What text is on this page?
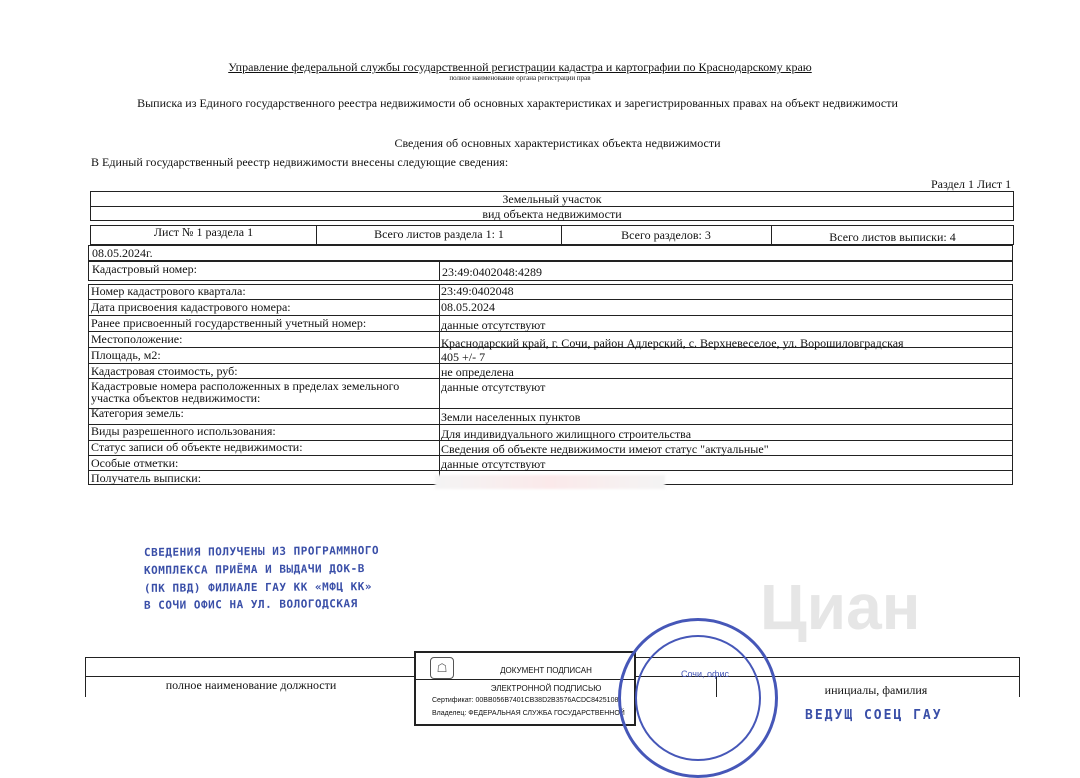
Управление федеральной службы государственной регистрации кадастра и картографии по Краснодарскому краю
полное наименование органа регистрации прав
Выписка из Единого государственного реестра недвижимости об основных характеристиках и зарегистрированных правах на объект недвижимости
Сведения об основных характеристиках объекта недвижимости
В Единый государственный реестр недвижимости внесены следующие сведения:
Раздел 1 Лист 1
Земельный участок
вид объекта недвижимости
Лист № 1 раздела 1	Всего листов раздела 1: 1	Всего разделов: 3	Всего листов выписки: 4
08.05.2024г.
Кадастровый номер:	23:49:0402048:4289
Номер кадастрового квартала:	23:49:0402048
Дата присвоения кадастрового номера:	08.05.2024
Ранее присвоенный государственный учетный номер:	данные отсутствуют
Местоположение:	Краснодарский край, г. Сочи, район Адлерский, с. Верхневеселое, ул. Ворошиловградская
Площадь, м2:	405 +/- 7
Кадастровая стоимость, руб:	не определена
Кадастровые номера расположенных в пределах земельного
участка объектов недвижимости:
данные отсутствуют
Категория земель:	Земли населенных пунктов
Виды разрешенного использования:	Для индивидуального жилищного строительства
Статус записи об объекте недвижимости:	Сведения об объекте недвижимости имеют статус "актуальные"
Особые отметки:	данные отсутствуют
Получатель выписки:
СВЕДЕНИЯ ПОЛУЧЕНЫ ИЗ ПРОГРАММНОГО
КОМПЛЕКСА ПРИЁМА И ВЫДАЧИ ДОК-В
(ПК ПВД) ФИЛИАЛЕ ГАУ КК «МФЦ КК»
В СОЧИ ОФИС НА УЛ. ВОЛОГОДСКАЯ	Циан
полное наименование должности	инициалы, фамилия
☖	ДОКУМЕНТ ПОДПИСАН
ЭЛЕКТРОННОЙ ПОДПИСЬЮ
Сертификат: 00BB056B7401CB38D2B3576ACDC8425108
Владелец: ФЕДЕРАЛЬНАЯ СЛУЖБА ГОСУДАРСТВЕННОЙ
Сочи, офис
ВЕДУЩ СОЕЦ ГАУ
